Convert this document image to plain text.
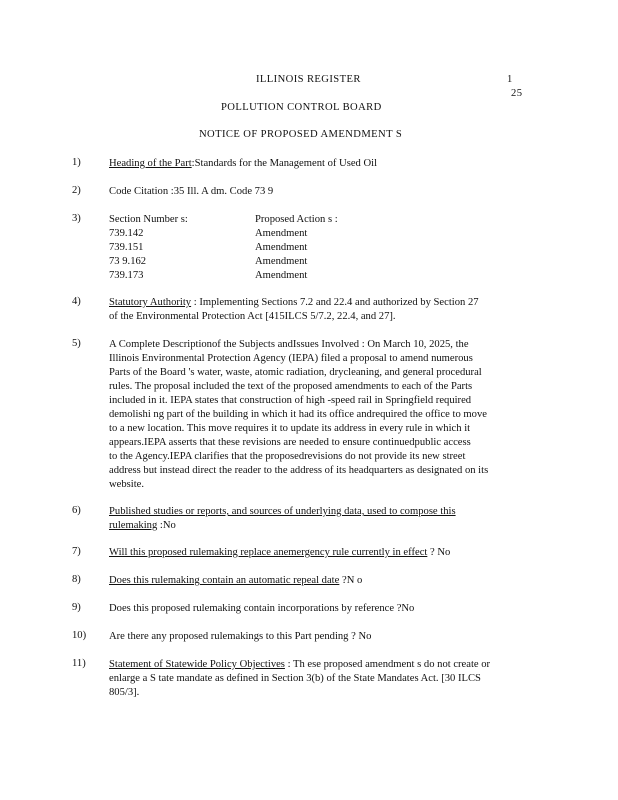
ILLINOIS REGISTER	1
25
POLLUTION CONTROL BOARD
NOTICE OF PROPOSED AMENDMENT S
1)	Heading of the Part:Standards for the Management of Used Oil
2)	Code Citation :35 Ill. A dm. Code 73 9
3)	Section Number s:	Proposed Action s :
739.142	Amendment
739.151	Amendment
73 9.162	Amendment
739.173	Amendment
4)	Statutory Authority : Implementing Sections 7.2 and 22.4 and authorized by Section 27
of the Environmental Protection Act [415ILCS 5/7.2, 22.4, and 27].
5)	A Complete Descriptionof the Subjects andIssues Involved : On March 10, 2025, the
Illinois Environmental Protection Agency (IEPA) filed a proposal to amend numerous
Parts of the Board 's water, waste, atomic radiation, drycleaning, and general procedural
rules. The proposal included the text of the proposed amendments to each of the Parts
included in it. IEPA states that construction of high -speed rail in Springfield required
demolishi ng part of the building in which it had its office andrequired the office to move
to a new location. This move requires it to update its address in every rule in which it
appears.IEPA asserts that these revisions are needed to ensure continuedpublic access
to the Agency.IEPA clarifies that the proposedrevisions do not provide its new street
address but instead direct the reader to the address of its headquarters as designated on its
website.
6)	Published studies or reports, and sources of underlying data, used to compose this
rulemaking :No
7)	Will this proposed rulemaking replace anemergency rule currently in effect ? No
8)	Does this rulemaking contain an automatic repeal date ?N o
9)	Does this proposed rulemaking contain incorporations by reference ?No
10) Are there any proposed rulemakings to this Part pending ? No
11) Statement of Statewide Policy Objectives : Th ese proposed amendment s do not create or
enlarge a S tate mandate as defined in Section 3(b) of the State Mandates Act. [30 ILCS
805/3].
